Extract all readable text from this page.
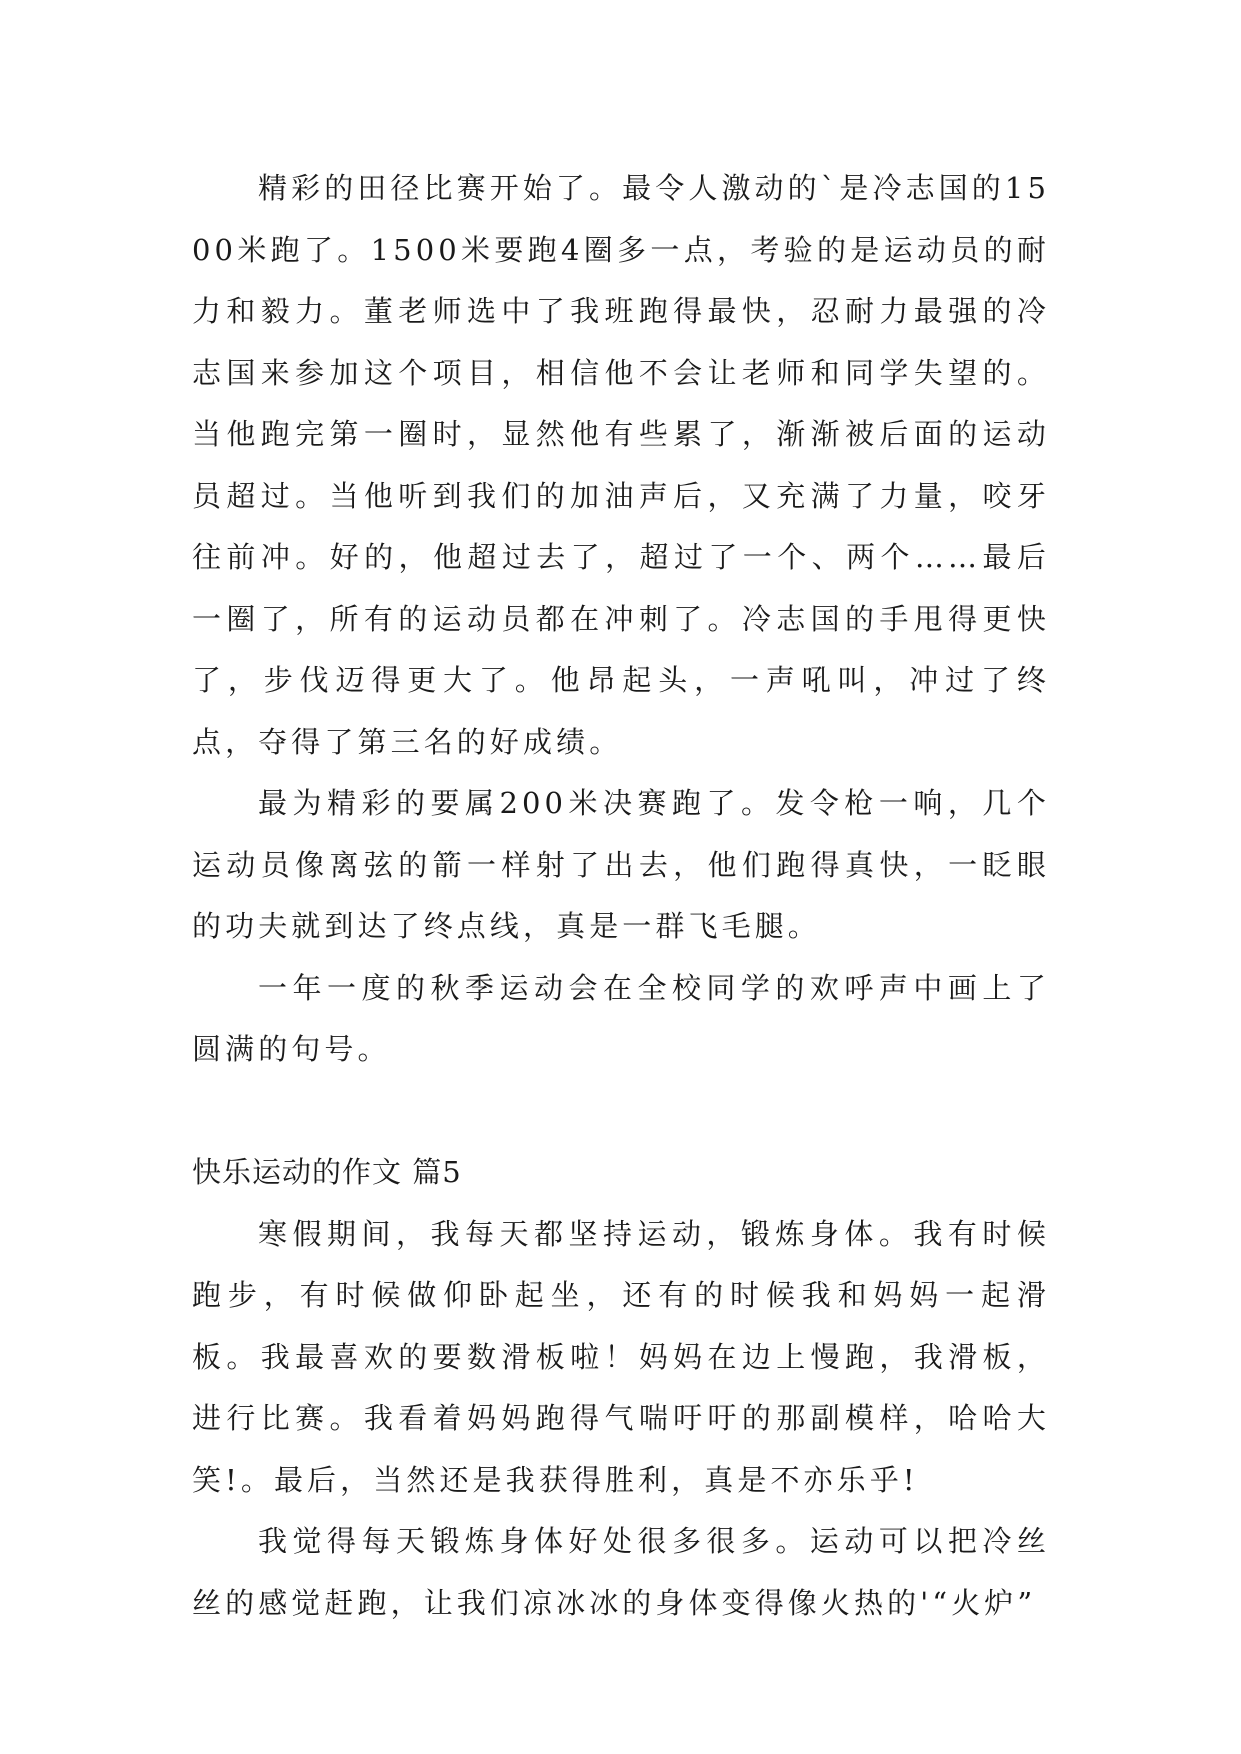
精彩的田径比赛开始了。最令人激动的`是冷志国的1500米跑了。1500米要跑4圈多一点，考验的是运动员的耐力和毅力。董老师选中了我班跑得最快，忍耐力最强的冷志国来参加这个项目，相信他不会让老师和同学失望的。当他跑完第一圈时，显然他有些累了，渐渐被后面的运动员超过。当他听到我们的加油声后，又充满了力量，咬牙往前冲。好的，他超过去了，超过了一个、两个……最后一圈了，所有的运动员都在冲刺了。冷志国的手甩得更快了，步伐迈得更大了。他昂起头，一声吼叫，冲过了终点，夺得了第三名的好成绩。

最为精彩的要属200米决赛跑了。发令枪一响，几个运动员像离弦的箭一样射了出去，他们跑得真快，一眨眼的功夫就到达了终点线，真是一群飞毛腿。

一年一度的秋季运动会在全校同学的欢呼声中画上了圆满的句号。

快乐运动的作文 篇5

寒假期间，我每天都坚持运动，锻炼身体。我有时候跑步，有时候做仰卧起坐，还有的时候我和妈妈一起滑板。我最喜欢的要数滑板啦！妈妈在边上慢跑，我滑板，进行比赛。我看着妈妈跑得气喘吁吁的那副模样，哈哈大笑!。最后，当然还是我获得胜利，真是不亦乐乎!

我觉得每天锻炼身体好处很多很多。运动可以把冷丝丝的感觉赶跑，让我们凉冰冰的身体变得像火热的'“火炉”
